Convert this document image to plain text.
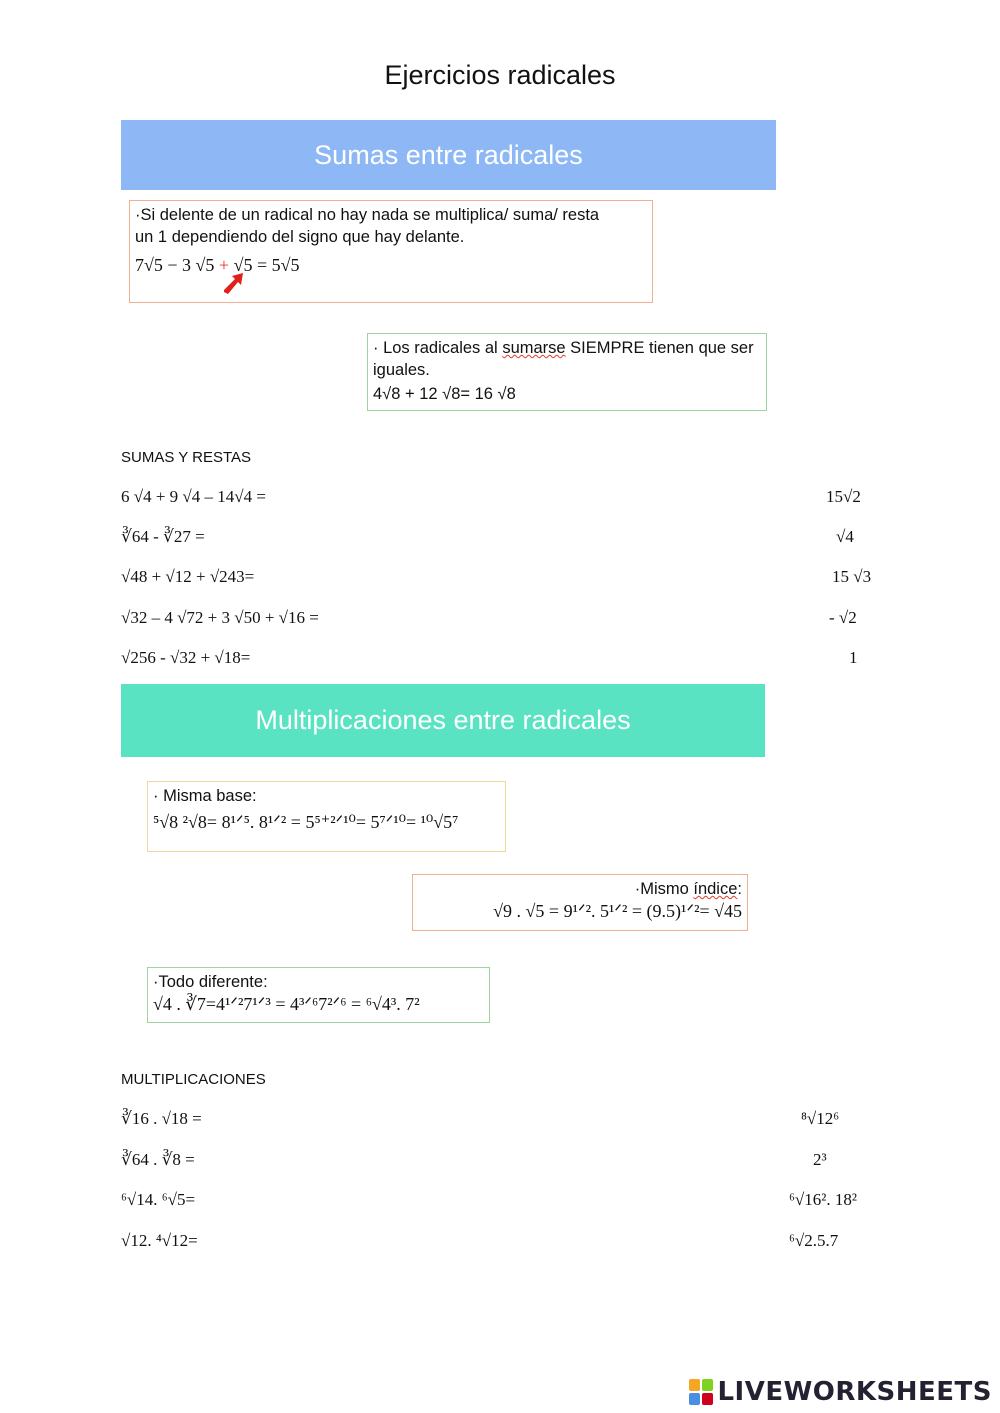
Ejercicios radicales
Sumas entre radicales
·Si delente de un radical no hay nada se multiplica/ suma/ resta
un 1 dependiendo del signo que hay delante.
7√5 − 3 √5 + √5 = 5√5
· Los radicales al sumarse SIEMPRE tienen que ser
iguales.
4√8 + 12 √8= 16 √8
SUMAS Y RESTAS
6 √4 + 9 √4 – 14√4 =	15√2
∛64 - ∛27 =	√4
√48 + √12 + √243=	15 √3
√32 – 4 √72 + 3 √50 + √16 =	- √2
√256 - √32 + √18=	1
Multiplicaciones entre radicales
· Misma base:
⁵√8 ²√8= 8¹ᐟ⁵. 8¹ᐟ² = 5⁵⁺²ᐟ¹⁰= 5⁷ᐟ¹⁰= ¹⁰√5⁷
·Mismo índice:
√9 . √5 = 9¹ᐟ². 5¹ᐟ² = (9.5)¹ᐟ²= √45
·Todo diferente:
√4 . ∛7=4¹ᐟ²7¹ᐟ³ = 4³ᐟ⁶7²ᐟ⁶ = ⁶√4³. 7²
MULTIPLICACIONES
∛16 . √18 =	⁸√12⁶
∛64 . ∛8 =	2³
⁶√14. ⁶√5=	⁶√16². 18²
√12. ⁴√12=	⁶√2.5.7
LIVEWORKSHEETS
